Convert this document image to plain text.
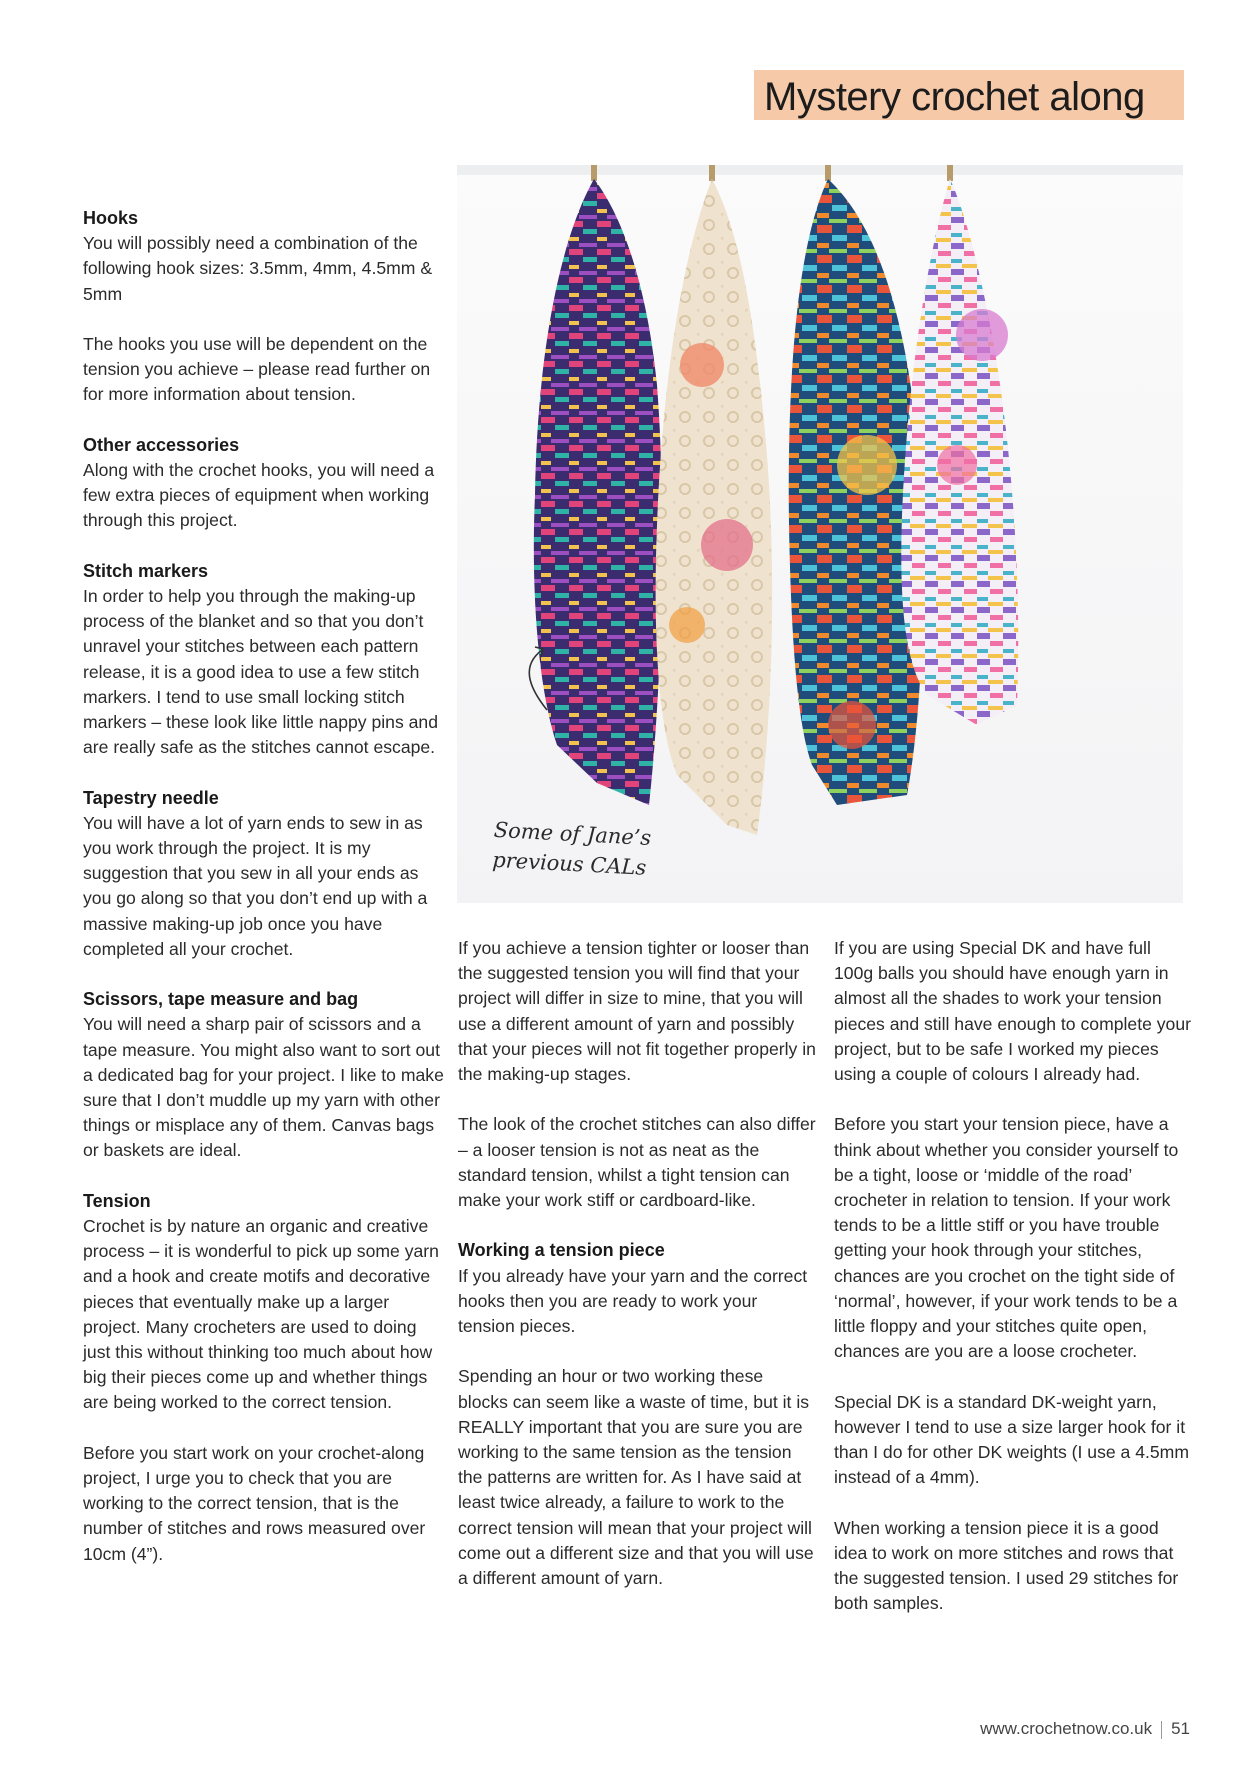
Mystery crochet along
Hooks

You will possibly need a combination of the following hook sizes: 3.5mm, 4mm, 4.5mm & 5mm

The hooks you use will be dependent on the tension you achieve – please read further on for more information about tension.

Other accessories

Along with the crochet hooks, you will need a few extra pieces of equipment when working through this project.

Stitch markers

In order to help you through the making-up process of the blanket and so that you don’t unravel your stitches between each pattern release, it is a good idea to use a few stitch markers. I tend to use small locking stitch markers – these look like little nappy pins and are really safe as the stitches cannot escape.

Tapestry needle

You will have a lot of yarn ends to sew in as you work through the project. It is my suggestion that you sew in all your ends as you go along so that you don’t end up with a massive making-up job once you have completed all your crochet.

Scissors, tape measure and bag

You will need a sharp pair of scissors and a tape measure. You might also want to sort out a dedicated bag for your project. I like to make sure that I don’t muddle up my yarn with other things or misplace any of them. Canvas bags or baskets are ideal.

Tension

Crochet is by nature an organic and creative process – it is wonderful to pick up some yarn and a hook and create motifs and decorative pieces that eventually make up a larger project. Many crocheters are used to doing just this without thinking too much about how big their pieces come up and whether things are being worked to the correct tension.

Before you start work on your crochet-along project, I urge you to check that you are working to the correct tension, that is the number of stitches and rows measured over 10cm (4”).

Some of Jane’s
previous CALs

If you achieve a tension tighter or looser than the suggested tension you will find that your project will differ in size to mine, that you will use a different amount of yarn and possibly that your pieces will not fit together properly in the making-up stages.

The look of the crochet stitches can also differ – a looser tension is not as neat as the standard tension, whilst a tight tension can make your work stiff or cardboard-like.

Working a tension piece

If you already have your yarn and the correct hooks then you are ready to work your tension pieces.

Spending an hour or two working these blocks can seem like a waste of time, but it is REALLY important that you are sure you are working to the same tension as the tension the patterns are written for. As I have said at least twice already, a failure to work to the correct tension will mean that your project will come out a different size and that you will use a different amount of yarn.

If you are using Special DK and have full 100g balls you should have enough yarn in almost all the shades to work your tension pieces and still have enough to complete your project, but to be safe I worked my pieces using a couple of colours I already had.

Before you start your tension piece, have a think about whether you consider yourself to be a tight, loose or ‘middle of the road’ crocheter in relation to tension. If your work tends to be a little stiff or you have trouble getting your hook through your stitches, chances are you crochet on the tight side of ‘normal’, however, if your work tends to be a little floppy and your stitches quite open, chances are you are a loose crocheter.

Special DK is a standard DK-weight yarn, however I tend to use a size larger hook for it than I do for other DK weights (I use a 4.5mm instead of a 4mm).

When working a tension piece it is a good idea to work on more stitches and rows that the suggested tension. I used 29 stitches for both samples.

www.crochetnow.co.uk 51
